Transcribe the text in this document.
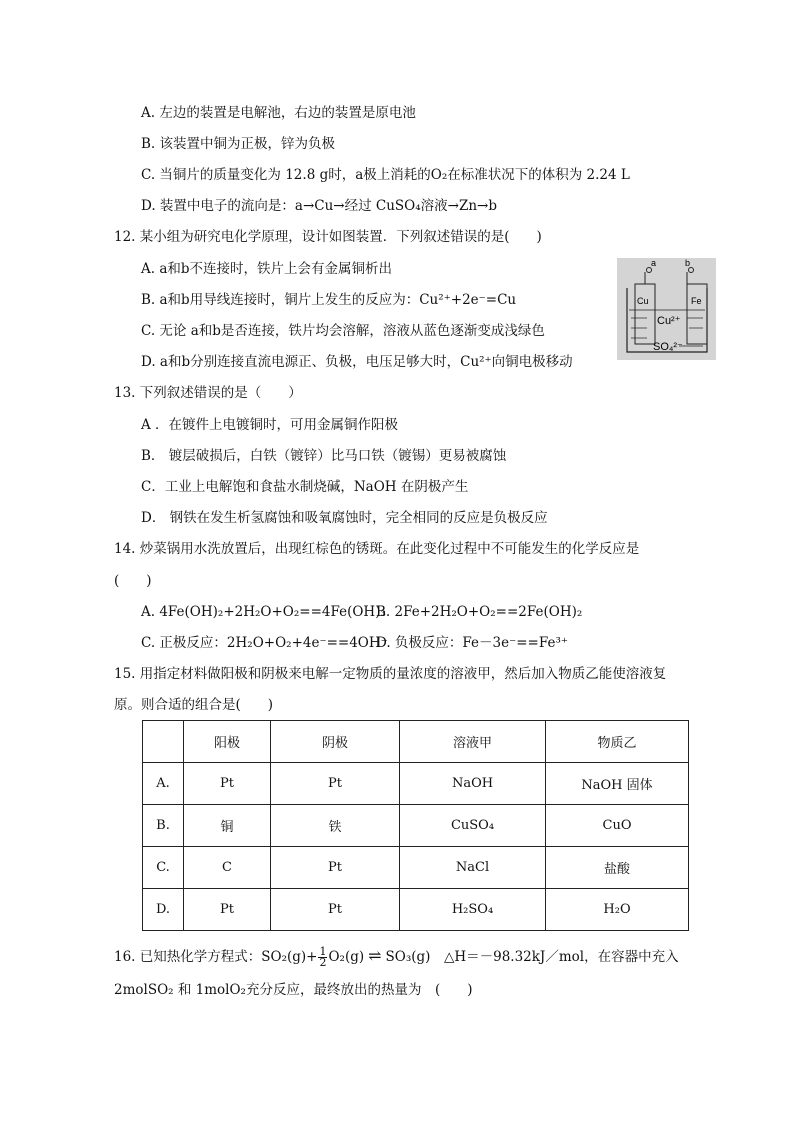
A. 左边的装置是电解池，右边的装置是原电池
B. 该装置中铜为正极，锌为负极
C. 当铜片的质量变化为 12.8 g时，a极上消耗的O₂在标准状况下的体积为 2.24 L
D. 装置中电子的流向是：a→Cu→经过 CuSO₄溶液→Zn→b
12. 某小组为研究电化学原理，设计如图装置．下列叙述错误的是(　　)
A. a和b不连接时，铁片上会有金属铜析出
B. a和b用导线连接时，铜片上发生的反应为：Cu²⁺+2e⁻=Cu
C. 无论 a和b是否连接，铁片均会溶解，溶液从蓝色逐渐变成浅绿色
D. a和b分别连接直流电源正、负极，电压足够大时，Cu²⁺向铜电极移动
a	b
Cu	Fe
Cu²⁺
SO₄²⁻
13. 下列叙述错误的是（　　）
A ．在镀件上电镀铜时，可用金属铜作阳极
B． 镀层破损后，白铁（镀锌）比马口铁（镀锡）更易被腐蚀
C．工业上电解饱和食盐水制烧碱，NaOH 在阴极产生
D． 钢铁在发生析氢腐蚀和吸氧腐蚀时，完全相同的反应是负极反应
14. 炒菜锅用水洗放置后，出现红棕色的锈斑。在此变化过程中不可能发生的化学反应是
(　　)
A. 4Fe(OH)₂+2H₂O+O₂==4Fe(OH)₃
B. 2Fe+2H₂O+O₂==2Fe(OH)₂
C. 正极反应：2H₂O+O₂+4e⁻==4OH⁻
D. 负极反应：Fe－3e⁻==Fe³⁺
15. 用指定材料做阳极和阴极来电解一定物质的量浓度的溶液甲，然后加入物质乙能使溶液复
原。则合适的组合是(　　)
	阳极	阴极	溶液甲	物质乙
A.	Pt	Pt	NaOH	NaOH 固体
B.	铜	铁	CuSO₄	CuO
C.	C	Pt	NaCl	盐酸
D.	Pt	Pt	H₂SO₄	H₂O
16. 已知热化学方程式：$SO_2(g)+ \frac{1}{2} O_2(g)$ ⇌ SO₃(g)　△H＝－98.32kJ／mol，在容器中充入
2molSO₂ 和 1molO₂充分反应，最终放出的热量为　(　　)
